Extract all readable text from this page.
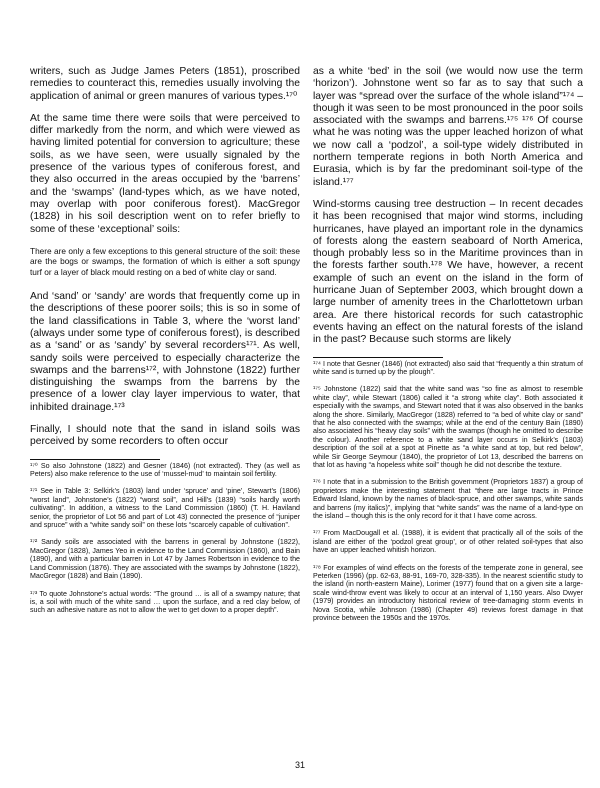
writers, such as Judge James Peters (1851), proscribed remedies to counteract this, remedies usually involving the application of animal or green manures of various types.¹⁷⁰

At the same time there were soils that were perceived to differ markedly from the norm, and which were viewed as having limited potential for conversion to agriculture; these soils, as we have seen, were usually signaled by the presence of the various types of coniferous forest, and they also occurred in the areas occupied by the ‘barrens’ and the ‘swamps’ (land-types which, as we have noted, may overlap with poor coniferous forest). MacGregor (1828) in his soil description went on to refer briefly to some of these ‘exceptional’ soils:

There are only a few exceptions to this general structure of the soil: these are the bogs or swamps, the formation of which is either a soft spungy turf or a layer of black mould resting on a bed of white clay or sand.

And ‘sand’ or ‘sandy’ are words that frequently come up in the descriptions of these poorer soils; this is so in some of the land classifications in Table 3, where the ‘worst land’ (always under some type of coniferous forest), is described as a ‘sand’ or as ‘sandy’ by several recorders¹⁷¹. As well, sandy soils were perceived to especially characterize the swamps and the barrens¹⁷², with Johnstone (1822) further distinguishing the swamps from the barrens by the presence of a lower clay layer impervious to water, that inhibited drainage.¹⁷³

Finally, I should note that the sand in island soils was perceived by some recorders to often occur

¹⁷⁰ So also Johnstone (1822) and Gesner (1846) (not extracted). They (as well as Peters) also make reference to the use of ‘mussel-mud’ to maintain soil fertility.

¹⁷¹ See in Table 3: Selkirk’s (1803) land under ‘spruce’ and ‘pine’, Stewart’s (1806) “worst land”, Johnstone’s (1822) “worst soil”, and Hill’s (1839) “soils hardly worth cultivating”. In addition, a witness to the Land Commission (1860) (T. H. Haviland senior, the proprietor of Lot 56 and part of Lot 43) connected the presence of “juniper and spruce” with a “white sandy soil” on these lots “scarcely capable of cultivation”.

¹⁷² Sandy soils are associated with the barrens in general by Johnstone (1822), MacGregor (1828), James Yeo in evidence to the Land Commission (1860), and Bain (1890), and with a particular barren in Lot 47 by James Robertson in evidence to the Land Commission (1876). They are associated with the swamps by Johnstone (1822), MacGregor (1828) and Bain (1890).

¹⁷³ To quote Johnstone’s actual words: “The ground … is all of a swampy nature; that is, a soil with much of the white sand … upon the surface, and a red clay below, of such an adhesive nature as not to allow the wet to get down to a proper depth”.

as a white ‘bed’ in the soil (we would now use the term ‘horizon’). Johnstone went so far as to say that such a layer was “spread over the surface of the whole island”¹⁷⁴ – though it was seen to be most pronounced in the poor soils associated with the swamps and barrens.¹⁷⁵ ¹⁷⁶ Of course what he was noting was the upper leached horizon of what we now call a ‘podzol’, a soil-type widely distributed in northern temperate regions in both North America and Eurasia, which is by far the predominant soil-type of the island.¹⁷⁷

Wind-storms causing tree destruction – In recent decades it has been recognised that major wind storms, including hurricanes, have played an important role in the dynamics of forests along the eastern seaboard of North America, though probably less so in the Maritime provinces than in the forests farther south.¹⁷⁸ We have, however, a recent example of such an event on the island in the form of hurricane Juan of September 2003, which brought down a large number of amenity trees in the Charlottetown urban area. Are there historical records for such catastrophic events having an effect on the natural forests of the island in the past? Because such storms are likely

¹⁷⁴ I note that Gesner (1846) (not extracted) also said that “frequently a thin stratum of white sand is turned up by the plough”.

¹⁷⁵ Johnstone (1822) said that the white sand was “so fine as almost to resemble white clay”, while Stewart (1806) called it “a strong white clay”. Both associated it especially with the swamps, and Stewart noted that it was also observed in the banks along the shore. Similarly, MacGregor (1828) referred to “a bed of white clay or sand” that he also connected with the swamps; while at the end of the century Bain (1890) also associated his “heavy clay soils” with the swamps (though he omitted to describe the colour). Another reference to a white sand layer occurs in Selkirk’s (1803) description of the soil at a spot at Pinette as “a white sand at top, but red below”, while Sir George Seymour (1840), the proprietor of Lot 13, described the barrens on that lot as having “a hopeless white soil” though he did not describe the texture.

¹⁷⁶ I note that in a submission to the British government (Proprietors 1837) a group of proprietors make the interesting statement that “there are large tracts in Prince Edward Island, known by the names of black-spruce, and other swamps, white sands and barrens (my italics)”, implying that “white sands” was the name of a land-type on the island – though this is the only record for it that I have come across.

¹⁷⁷ From MacDougall et al. (1988), it is evident that practically all of the soils of the island are either of the ‘podzol great group’, or of other related soil-types that also have an upper leached whitish horizon.

¹⁷⁸ For examples of wind effects on the forests of the temperate zone in general, see Peterken (1996) (pp. 62-63, 88-91, 169-70, 328-335). In the nearest scientific study to the island (in north-eastern Maine), Lorimer (1977) found that on a given site a large-scale wind-throw event was likely to occur at an interval of 1,150 years. Also Dwyer (1979) provides an introductory historical review of tree-damaging storm events in Nova Scotia, while Johnson (1986) (Chapter 49) reviews forest damage in that province between the 1950s and the 1970s.

31
